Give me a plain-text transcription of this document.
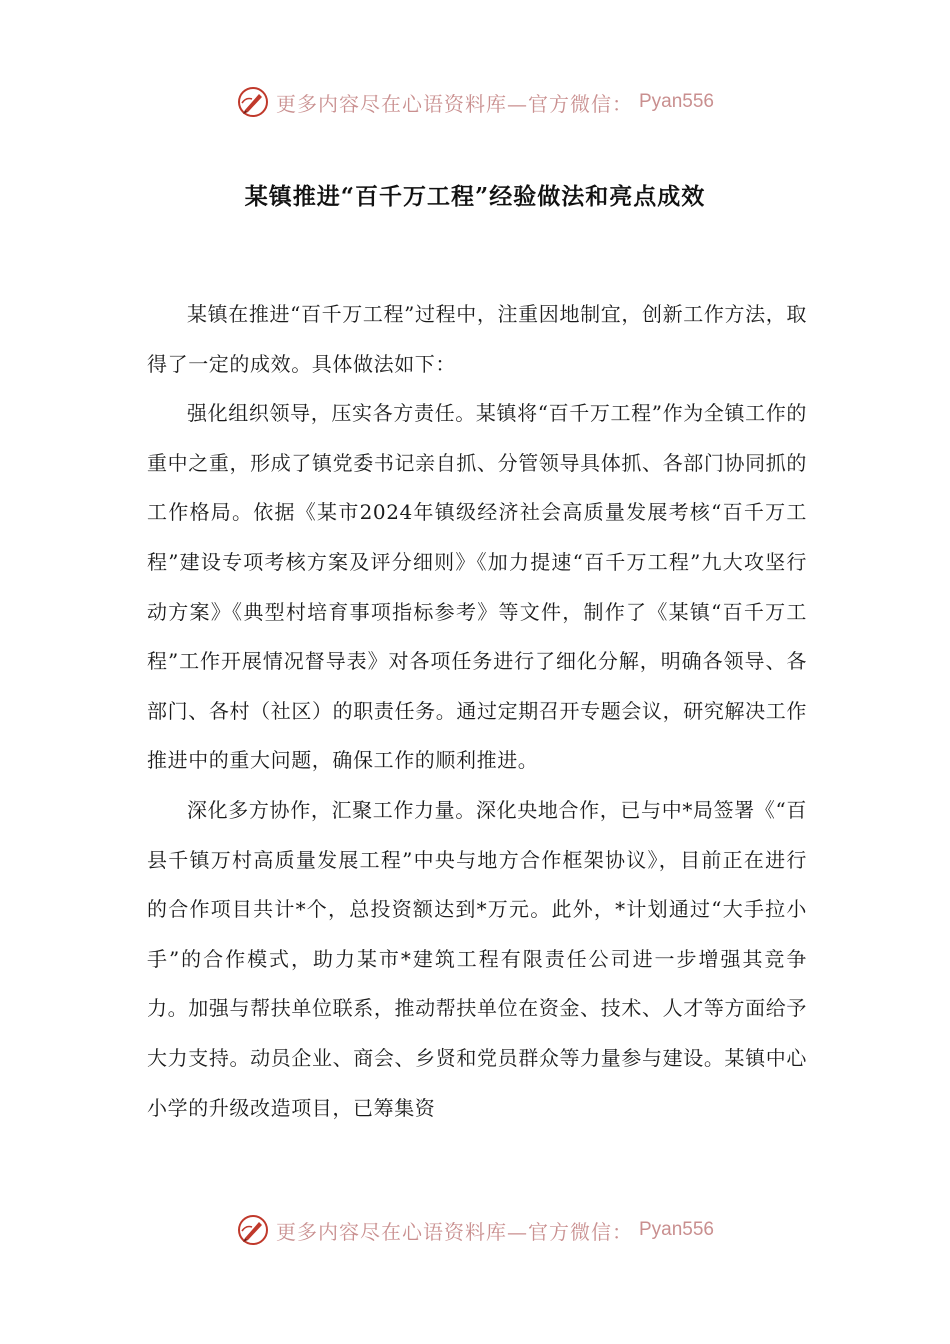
更多内容尽在心语资料库—官方微信： Pyan556
某镇推进“百千万工程”经验做法和亮点成效

某镇在推进“百千万工程”过程中，注重因地制宜，创新工作方法，取得了一定的成效。具体做法如下：

强化组织领导，压实各方责任。某镇将“百千万工程”作为全镇工作的重中之重，形成了镇党委书记亲自抓、分管领导具体抓、各部门协同抓的工作格局。依据《某市2024年镇级经济社会高质量发展考核“百千万工程”建设专项考核方案及评分细则》《加力提速“百千万工程”九大攻坚行动方案》《典型村培育事项指标参考》等文件，制作了《某镇“百千万工程”工作开展情况督导表》对各项任务进行了细化分解，明确各领导、各部门、各村（社区）的职责任务。通过定期召开专题会议，研究解决工作推进中的重大问题，确保工作的顺利推进。

深化多方协作，汇聚工作力量。深化央地合作，已与中*局签署《“百县千镇万村高质量发展工程”中央与地方合作框架协议》，目前正在进行的合作项目共计*个，总投资额达到*万元。此外，*计划通过“大手拉小手”的合作模式，助力某市*建筑工程有限责任公司进一步增强其竞争力。加强与帮扶单位联系，推动帮扶单位在资金、技术、人才等方面给予大力支持。动员企业、商会、乡贤和党员群众等力量参与建设。某镇中心小学的升级改造项目，已筹集资

更多内容尽在心语资料库—官方微信： Pyan556
